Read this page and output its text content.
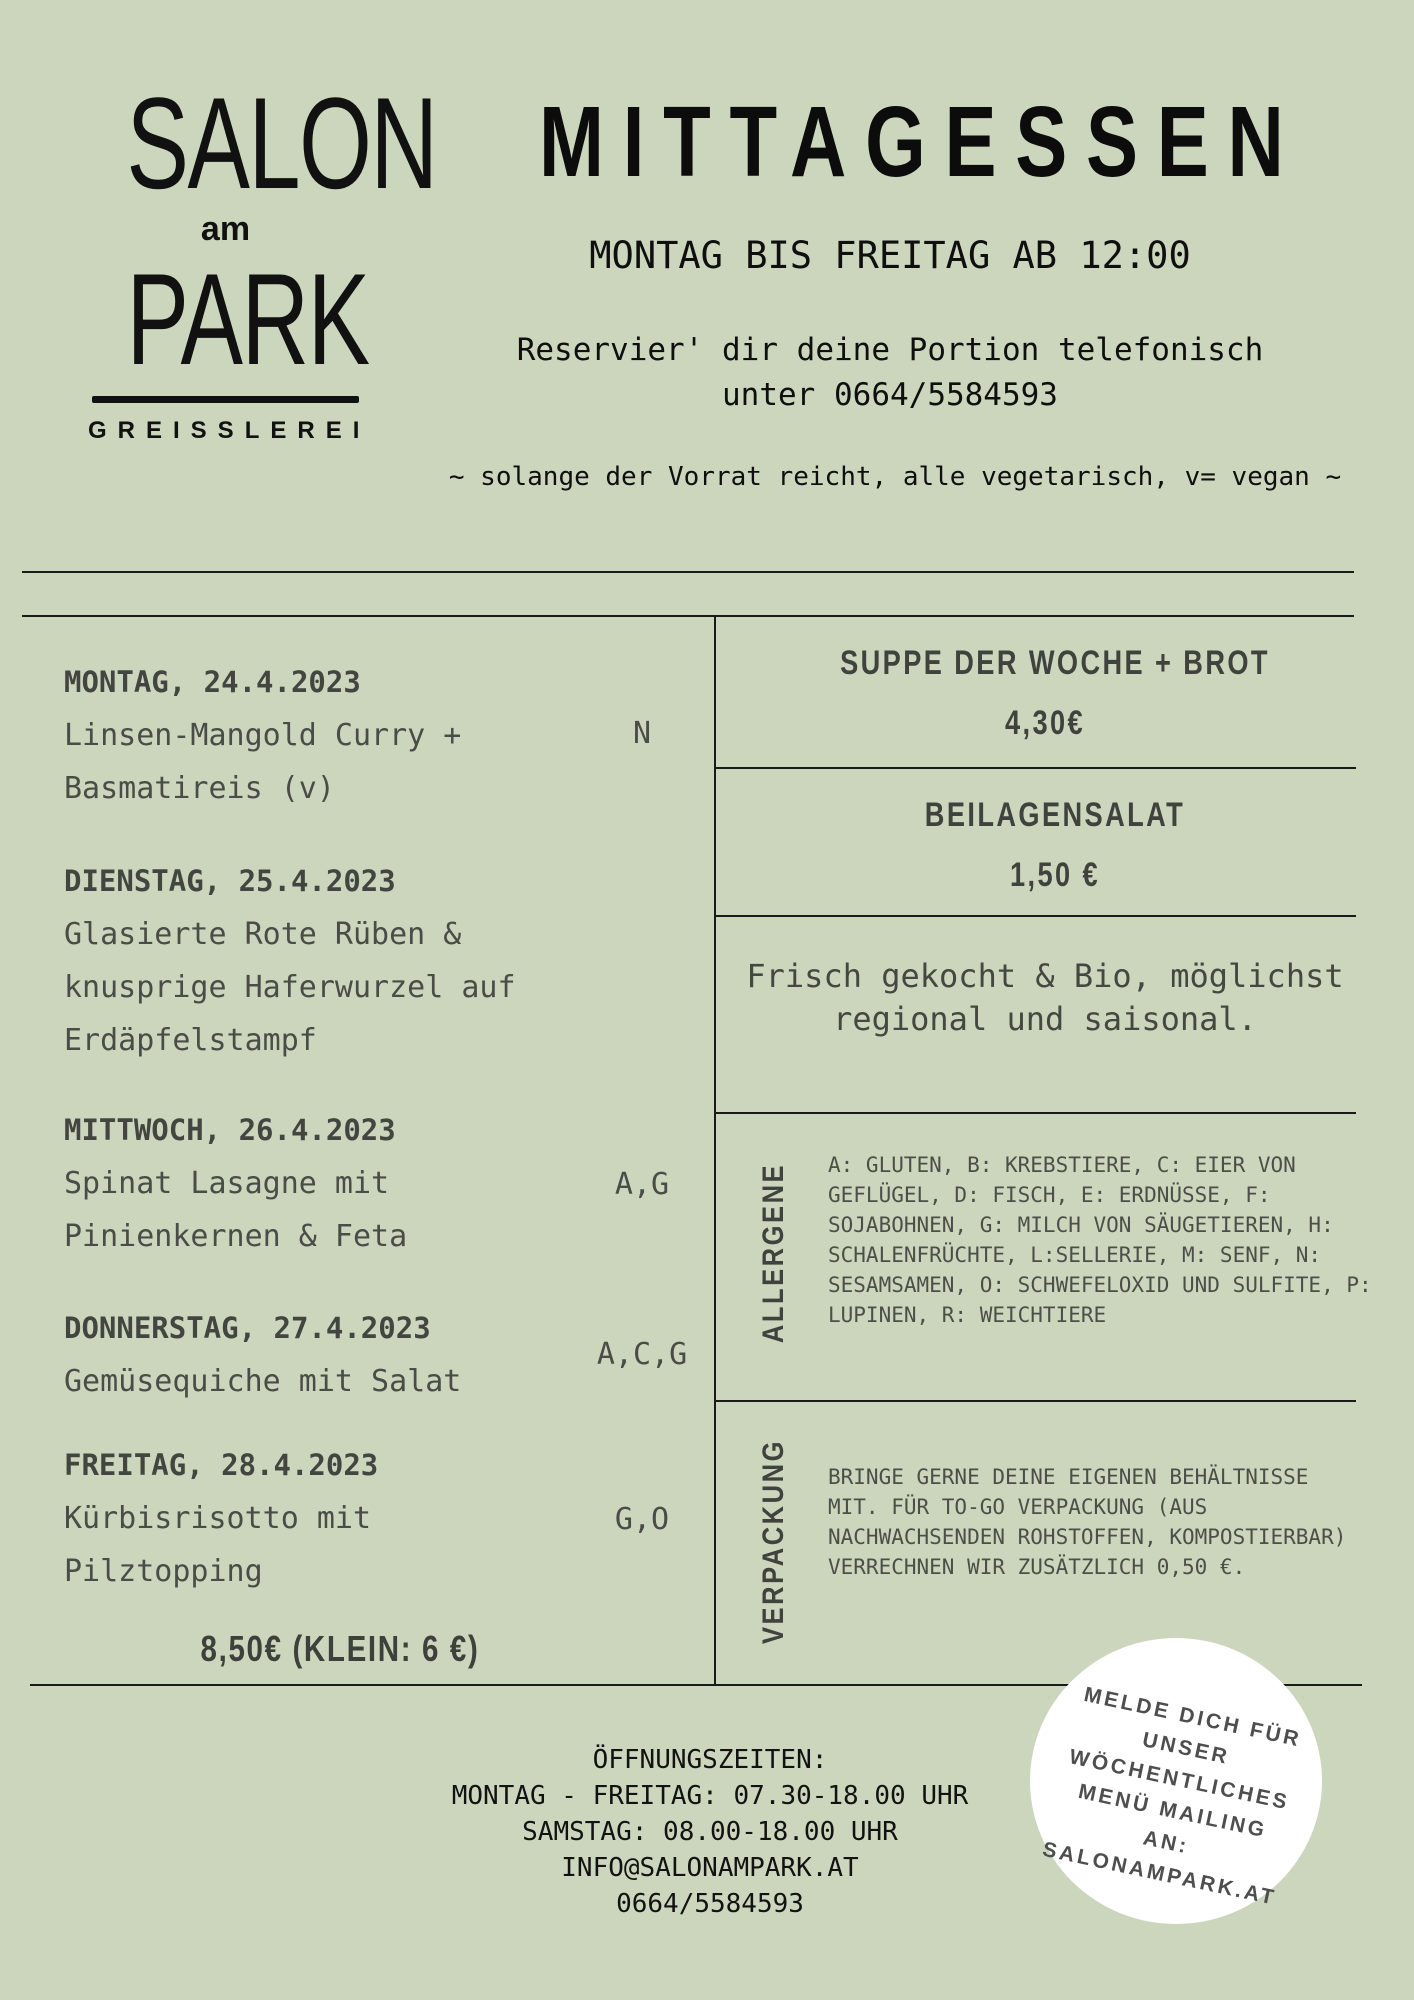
SALON
am
PARK
GREISSLEREI
MITTAGESSEN
MONTAG BIS FREITAG AB 12:00
Reservier' dir deine Portion telefonisch
unter 0664/5584593
~ solange der Vorrat reicht, alle vegetarisch, v= vegan ~
MONTAG, 24.4.2023
Linsen-Mangold Curry + Basmatireis (v)
N
DIENSTAG, 25.4.2023
Glasierte Rote Rüben & knusprige Haferwurzel auf Erdäpfelstampf
MITTWOCH, 26.4.2023
Spinat Lasagne mit Pinienkernen & Feta
A,G
DONNERSTAG, 27.4.2023
Gemüsequiche mit Salat
A,C,G
FREITAG, 28.4.2023
Kürbisrisotto mit Pilztopping
G,O
8,50€ (KLEIN: 6 €)
SUPPE DER WOCHE + BROT
4,30€
BEILAGENSALAT
1,50 €
Frisch gekocht & Bio, möglichst regional und saisonal.
ALLERGENE A: GLUTEN, B: KREBSTIERE, C: EIER VON GEFLÜGEL, D: FISCH, E: ERDNÜSSE, F: SOJABOHNEN, G: MILCH VON SÄUGETIEREN, H: SCHALENFRÜCHTE, L:SELLERIE, M: SENF, N: SESAMSAMEN, O: SCHWEFELOXID UND SULFITE, P: LUPINEN, R: WEICHTIERE
VERPACKUNG BRINGE GERNE DEINE EIGENEN BEHÄLTNISSE MIT. FÜR TO-GO VERPACKUNG (AUS NACHWACHSENDEN ROHSTOFFEN, KOMPOSTIERBAR) VERRECHNEN WIR ZUSÄTZLICH 0,50 €.
ÖFFNUNGSZEITEN:
MONTAG - FREITAG: 07.30-18.00 UHR
SAMSTAG: 08.00-18.00 UHR
INFO@SALONAMPARK.AT
0664/5584593
MELDE DICH FÜR UNSER WÖCHENTLICHES MENÜ MAILING AN: SALONAMPARK.AT
